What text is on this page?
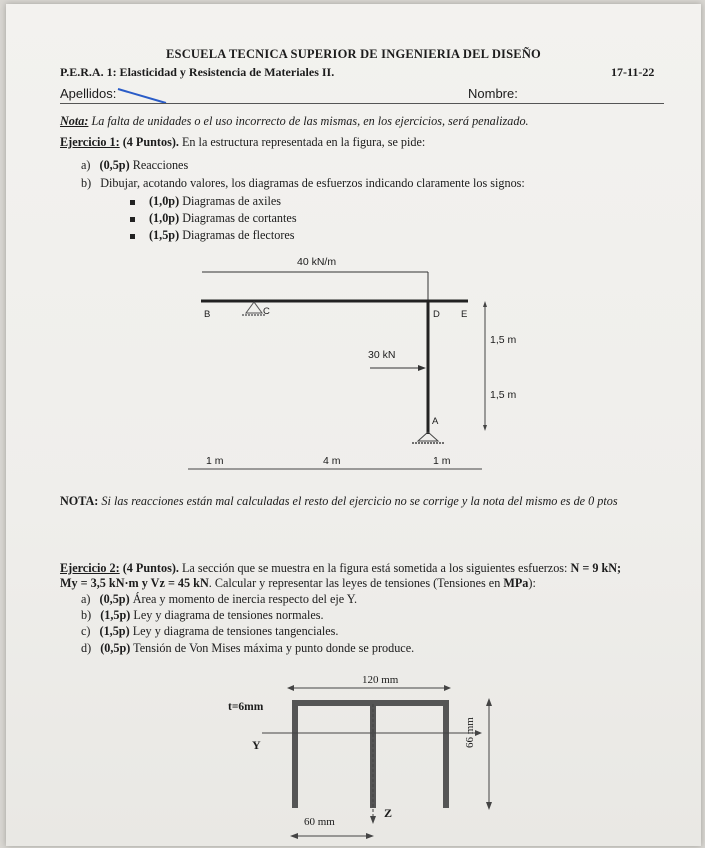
ESCUELA TECNICA SUPERIOR DE INGENIERIA DEL DISEÑO
P.E.R.A. 1: Elasticidad y Resistencia de Materiales II.	17-11-22
Apellidos:	Nombre:
Nota: La falta de unidades o el uso incorrecto de las mismas, en los ejercicios, será penalizado.
Ejercicio 1: (4 Puntos). En la estructura representada en la figura, se pide:
a) (0,5p) Reacciones
b) Dibujar, acotando valores, los diagramas de esfuerzos indicando claramente los signos:
(1,0p) Diagramas de axiles
(1,0p) Diagramas de cortantes
(1,5p) Diagramas de flectores
40 kN/m
B	C	D E
A
30 kN
1,5 m
1,5 m
1 m	4 m	1 m
NOTA: Si las reacciones están mal calculadas el resto del ejercicio no se corrige y la nota del mismo es de 0 ptos
Ejercicio 2: (4 Puntos). La sección que se muestra en la figura está sometida a los siguientes esfuerzos: N = 9 kN;
My = 3,5 kN·m y Vz = 45 kN. Calcular y representar las leyes de tensiones (Tensiones en MPa):
a) (0,5p) Área y momento de inercia respecto del eje Y.
b) (1,5p) Ley y diagrama de tensiones normales.
c) (1,5p) Ley y diagrama de tensiones tangenciales.
d) (0,5p) Tensión de Von Mises máxima y punto donde se produce.
120 mm
t=6mm
Y	66 mm
60 mm
Z
